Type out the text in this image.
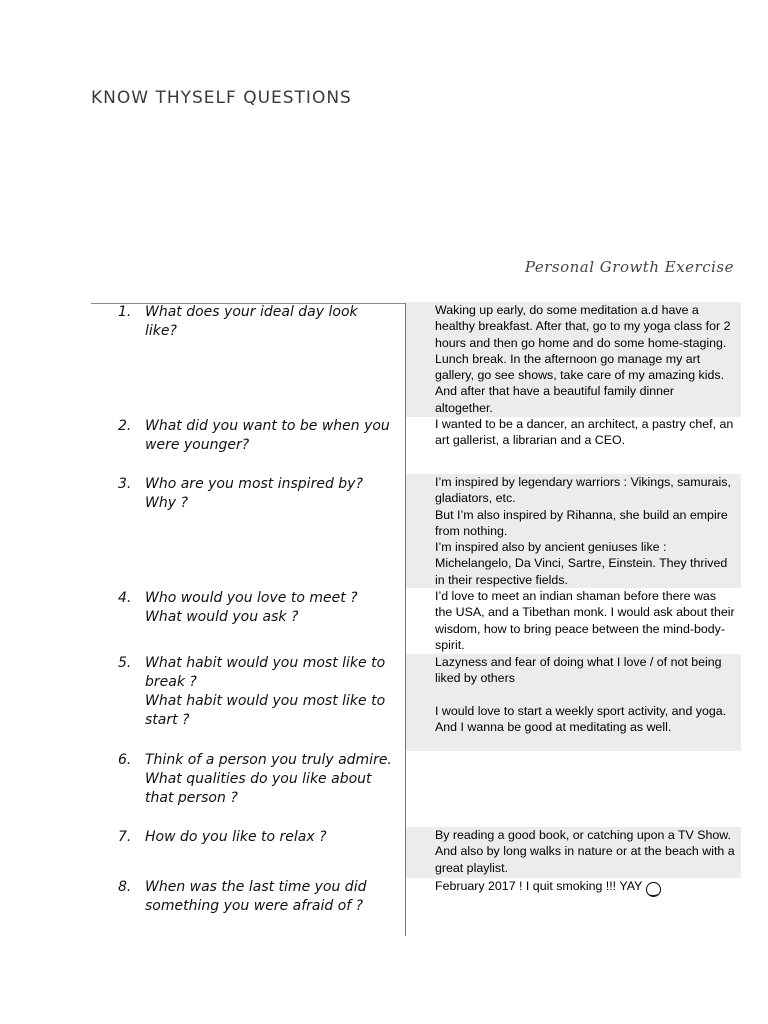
KNOW THYSELF QUESTIONS
Personal Growth Exercise
1. What does your ideal day look like?

Waking up early, do some meditation a.d have a healthy breakfast. After that, go to my yoga class for 2 hours and then go home and do some home-staging. Lunch break. In the afternoon go manage my art gallery, go see shows, take care of my amazing kids. And after that have a beautiful family dinner altogether.

2. What did you want to be when you were younger?

I wanted to be a dancer, an architect, a pastry chef, an art gallerist, a librarian and a CEO.

3. Who are you most inspired by? Why ?

I’m inspired by legendary warriors : Vikings, samurais, gladiators, etc.

But I’m also inspired by Rihanna, she build an empire from nothing.

I’m inspired also by ancient geniuses like : Michelangelo, Da Vinci, Sartre, Einstein. They thrived in their respective fields.

4. Who would you love to meet ? What would you ask ?

I’d love to meet an indian shaman before there was the USA, and a Tibethan monk. I would ask about their wisdom, how to bring peace between the mind-body-spirit.

5. What habit would you most like to break ?
What habit would you most like to start ?

Lazyness and fear of doing what I love / of not being liked by others

I would love to start a weekly sport activity, and yoga. And I wanna be good at meditating as well.

6. Think of a person you truly admire. What qualities do you like about that person ?
7. How do you like to relax ?	By reading a good book, or catching upon a TV Show. And also by long walks in nature or at the beach with a great playlist.

8. When was the last time you did something you were afraid of ?

February 2017 ! I quit smoking !!! YAY ‿
